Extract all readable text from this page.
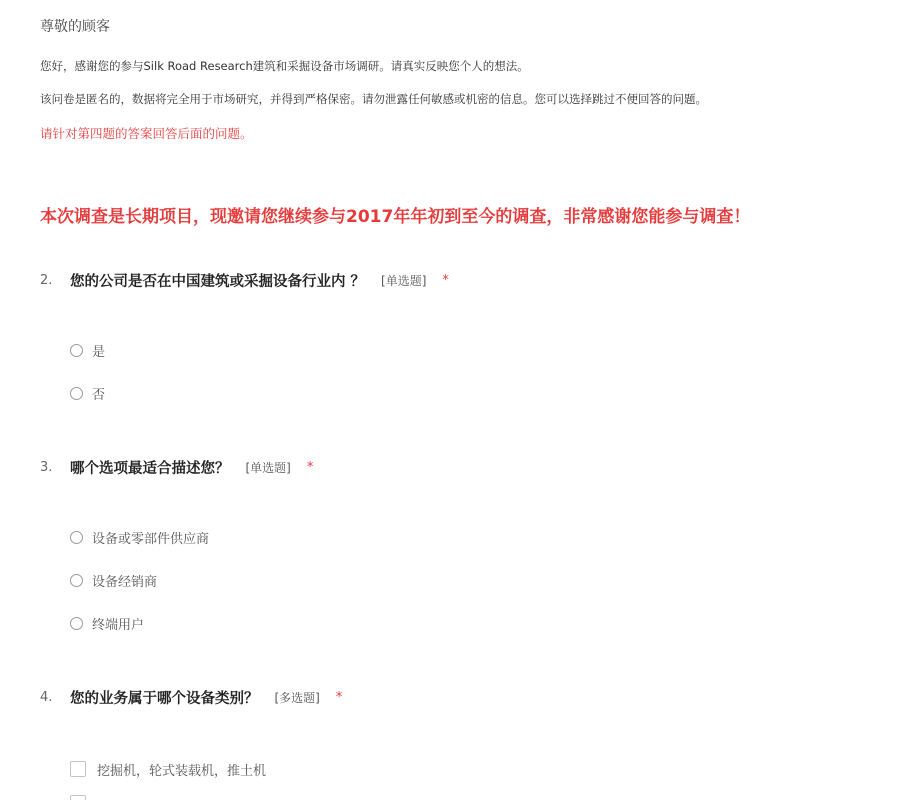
尊敬的顾客

您好，感谢您的参与Silk Road Research建筑和采掘设备市场调研。请真实反映您个人的想法。

该问卷是匿名的，数据将完全用于市场研究，并得到严格保密。请勿泄露任何敏感或机密的信息。您可以选择跳过不便回答的问题。

请针对第四题的答案回答后面的问题。

本次调查是长期项目，现邀请您继续参与2017年年初到至今的调查，非常感谢您能参与调查！

2.	您的公司是否在中国建筑或采掘设备行业内 ？ [单选题] *
是
否
3.	哪个选项最适合描述您？ [单选题] *
设备或零部件供应商
设备经销商
终端用户
4.	您的业务属于哪个设备类别？ [多选题] *
挖掘机，轮式装载机，推土机
